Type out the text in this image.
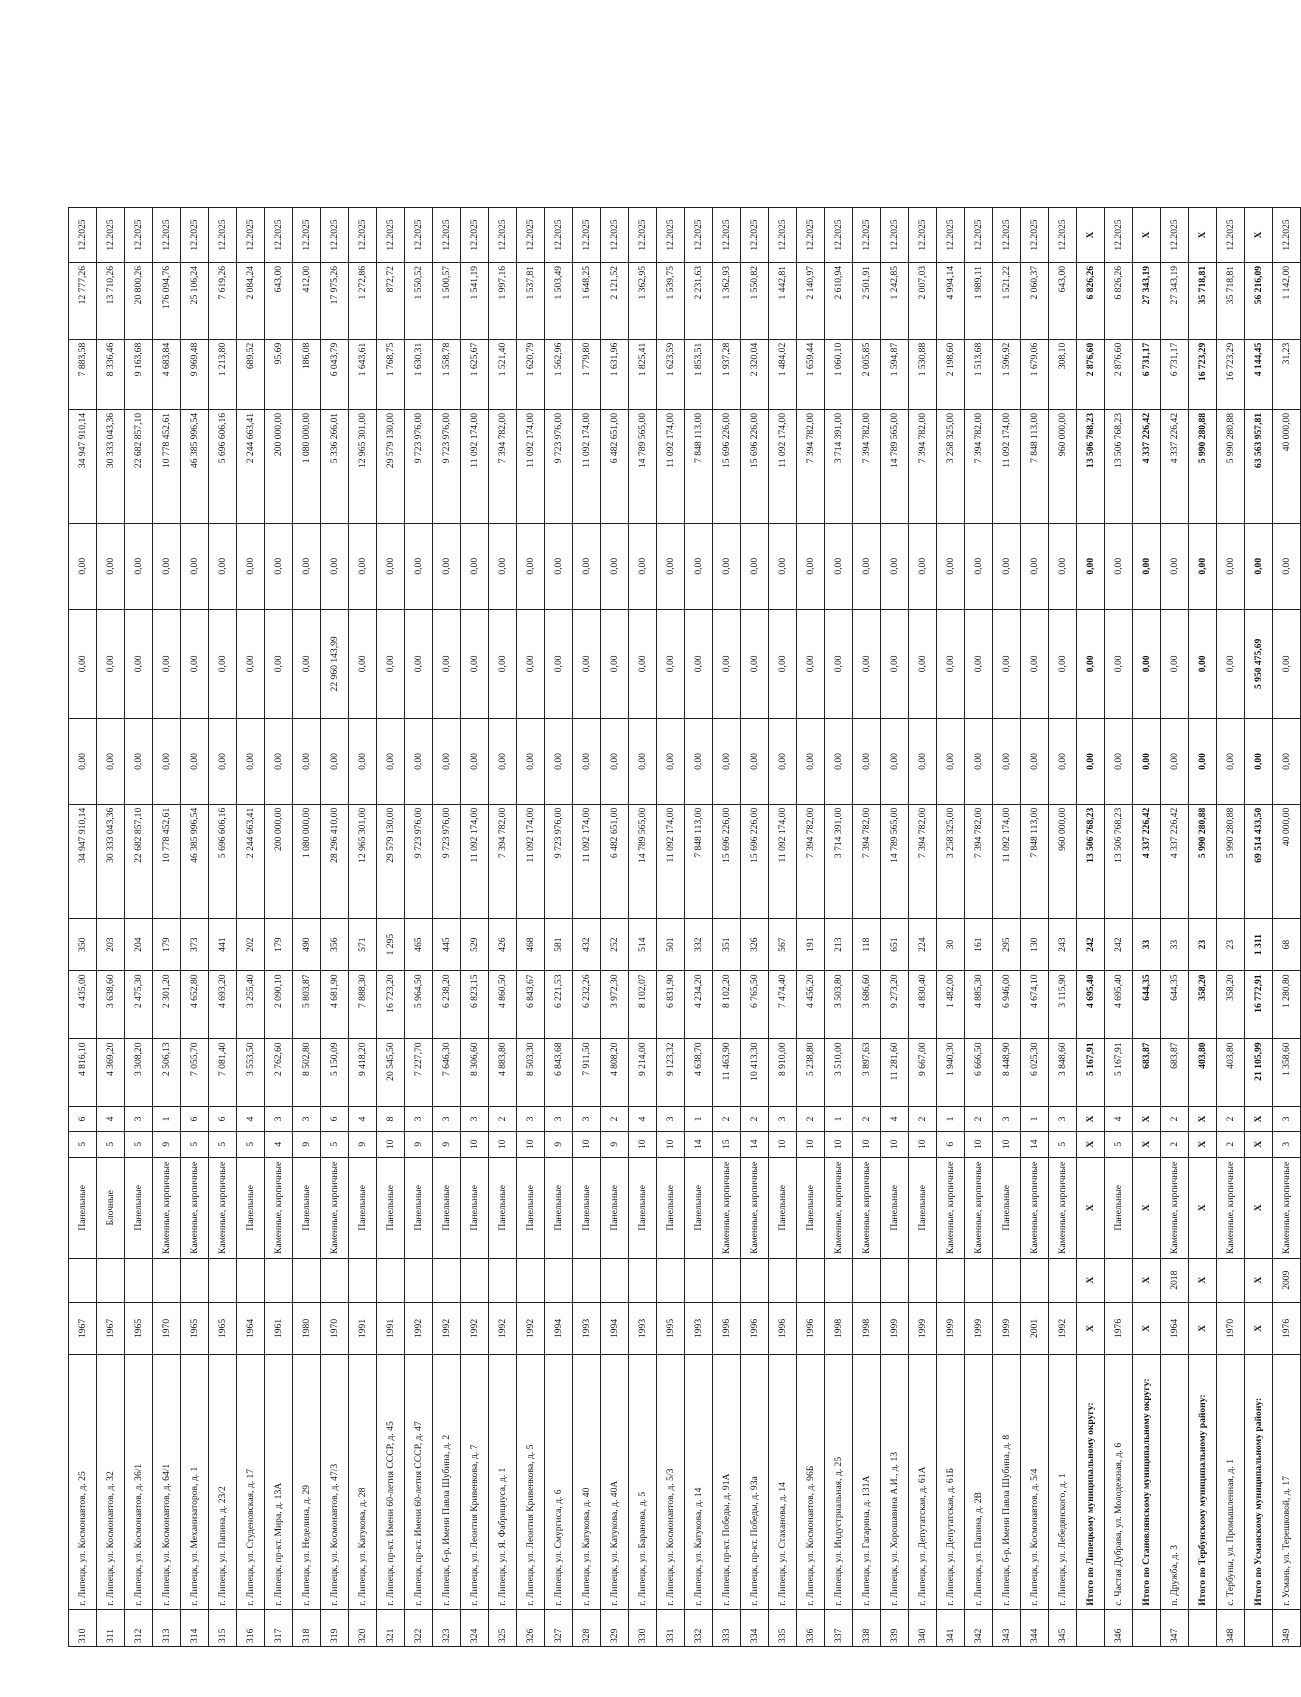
310	г. Липецк, ул. Космонавтов, д. 25	1967		Панельные	5	6	4 816,10	4 435,00	350	34 947 910,14	0,00	0,00	0,00	34 947 910,14	7 883,58	12 777,26	12.2025
311	г. Липецк, ул. Космонавтов, д. 32	1967		Блочные	5	4	4 369,20	3 638,60	203	30 333 043,36	0,00	0,00	0,00	30 333 043,36	8 336,46	13 710,26	12.2025
312	г. Липецк, ул. Космонавтов, д. 36/1	1965		Панельные	5	3	3 308,20	2 475,30	204	22 682 857,10	0,00	0,00	0,00	22 682 857,10	9 163,68	20 800,26	12.2025
313	г. Липецк, ул. Космонавтов, д. 64/1	1970		Каменные, кирпичные	9	1	2 506,13	2 301,20	179	10 778 452,61	0,00	0,00	0,00	10 778 452,61	4 683,84	176 094,76	12.2025
314	г. Липецк, ул. Механизаторов, д. 1	1965		Каменные, кирпичные	5	6	7 055,70	4 652,80	373	46 385 996,54	0,00	0,00	0,00	46 385 996,54	9 969,48	25 106,24	12.2025
315	г. Липецк, ул. Папина, д. 23/2	1965		Каменные, кирпичные	5	6	7 081,40	4 693,20	441	5 696 606,16	0,00	0,00	0,00	5 696 606,16	1 213,80	7 619,26	12.2025
316	г. Липецк, ул. Студеновская, д. 17	1964		Панельные	5	4	3 553,50	3 255,40	202	2 244 663,41	0,00	0,00	0,00	2 244 663,41	689,52	2 084,24	12.2025
317	г. Липецк, пр-кт. Мира, д. 13А	1961		Каменные, кирпичные	4	3	2 762,60	2 090,10	179	200 000,00	0,00	0,00	0,00	200 000,00	95,69	643,00	12.2025
318	г. Липецк, ул. Неделина, д. 29	1980		Панельные	9	3	8 502,80	5 803,87	490	1 080 000,00	0,00	0,00	0,00	1 080 000,00	186,08	412,00	12.2025
319	г. Липецк, ул. Космонавтов, д. 47/3	1970		Каменные, кирпичные	5	6	5 150,09	4 681,90	356	28 296 410,00	0,00	22 960 143,99	0,00	5 336 266,01	6 043,79	17 975,26	12.2025
320	г. Липецк, ул. Катукова, д. 28	1991		Панельные	9	4	9 418,20	7 888,30	571	12 965 301,00	0,00	0,00	0,00	12 965 301,00	1 643,61	1 272,86	12.2025
321	г. Липецк, пр-кт. Имени 60-летия СССР, д. 45	1991		Панельные	10	8	20 545,50	16 723,20	1 295	29 579 130,00	0,00	0,00	0,00	29 579 130,00	1 768,75	872,72	12.2025
322	г. Липецк, пр-кт. Имени 60-летия СССР, д. 47	1992		Панельные	9	3	7 227,70	5 964,50	465	9 723 976,00	0,00	0,00	0,00	9 723 976,00	1 630,31	1 550,52	12.2025
323	г. Липецк, б-р. Имени Павла Шубина, д. 2	1992		Панельные	9	3	7 646,30	6 238,20	445	9 723 976,00	0,00	0,00	0,00	9 723 976,00	1 558,78	1 500,57	12.2025
324	г. Липецк, ул. Леонтия Кривенкова, д. 7	1992		Панельные	10	3	8 306,60	6 823,15	529	11 092 174,00	0,00	0,00	0,00	11 092 174,00	1 625,67	1 541,19	12.2025
325	г. Липецк, ул. Я. Фабрициуса, д. 1	1992		Панельные	10	2	4 883,80	4 860,50	426	7 394 782,00	0,00	0,00	0,00	7 394 782,00	1 521,40	1 997,16	12.2025
326	г. Липецк, ул. Леонтия Кривенкова, д. 5	1992		Панельные	10	3	8 503,30	6 843,67	468	11 092 174,00	0,00	0,00	0,00	11 092 174,00	1 620,79	1 537,81	12.2025
327	г. Липецк, ул. Смургиса, д. 6	1994		Панельные	9	3	6 843,68	6 221,53	581	9 723 976,00	0,00	0,00	0,00	9 723 976,00	1 562,96	1 503,49	12.2025
328	г. Липецк, ул. Катукова, д. 40	1993		Панельные	10	3	7 911,50	6 232,26	432	11 092 174,00	0,00	0,00	0,00	11 092 174,00	1 779,80	1 648,25	12.2025
329	г. Липецк, ул. Катукова, д. 40А	1994		Панельные	9	2	4 808,20	3 972,30	252	6 482 651,00	0,00	0,00	0,00	6 482 651,00	1 631,96	2 121,52	12.2025
330	г. Липецк, ул. Баранова, д. 5	1993		Панельные	10	4	9 214,00	8 102,07	514	14 789 565,00	0,00	0,00	0,00	14 789 565,00	1 825,41	1 362,95	12.2025
331	г. Липецк, ул. Космонавтов, д. 5/3	1995		Панельные	10	3	9 123,32	6 831,90	501	11 092 174,00	0,00	0,00	0,00	11 092 174,00	1 623,59	1 539,75	12.2025
332	г. Липецк, ул. Катукова, д. 14	1993		Панельные	14	1	4 638,70	4 234,20	332	7 848 113,00	0,00	0,00	0,00	7 848 113,00	1 853,51	2 231,63	12.2025
333	г. Липецк, пр-кт. Победы, д. 91А	1996		Каменные, кирпичные	15	2	11 463,90	8 102,20	351	15 696 226,00	0,00	0,00	0,00	15 696 226,00	1 937,28	1 362,93	12.2025
334	г. Липецк, пр-кт. Победы, д. 93а	1996		Каменные, кирпичные	14	2	10 413,30	6 765,50	326	15 696 226,00	0,00	0,00	0,00	15 696 226,00	2 320,04	1 550,82	12.2025
335	г. Липецк, ул. Стаханова, д. 14	1996		Панельные	10	3	8 910,00	7 474,40	567	11 092 174,00	0,00	0,00	0,00	11 092 174,00	1 484,02	1 442,81	12.2025
336	г. Липецк, ул. Космонавтов, д. 96Б	1996		Панельные	10	2	5 238,80	4 456,20	191	7 394 782,00	0,00	0,00	0,00	7 394 782,00	1 659,44	2 140,97	12.2025
337	г. Липецк, ул. Индустриальная, д. 25	1998		Каменные, кирпичные	10	1	3 510,00	3 503,80	213	3 714 391,00	0,00	0,00	0,00	3 714 391,00	1 060,10	2 610,94	12.2025
338	г. Липецк, ул. Гагарина, д. 131А	1998		Каменные, кирпичные	10	2	3 897,63	3 686,60	118	7 394 782,00	0,00	0,00	0,00	7 394 782,00	2 005,85	2 501,91	12.2025
339	г. Липецк, ул. Хорошавина А.И., д. 13	1999		Панельные	10	4	11 281,60	9 273,20	651	14 789 565,00	0,00	0,00	0,00	14 789 565,00	1 594,87	1 242,85	12.2025
340	г. Липецк, ул. Депутатская, д. 61А	1999		Панельные	10	2	9 667,00	4 830,40	224	7 394 782,00	0,00	0,00	0,00	7 394 782,00	1 530,88	2 007,03	12.2025
341	г. Липецк, ул. Депутатская, д. 61Б	1999		Каменные, кирпичные	6	1	1 940,30	1 482,00	30	3 258 325,00	0,00	0,00	0,00	3 258 325,00	2 198,60	4 994,14	12.2025
342	г. Липецк, ул. Папина, д. 2В	1999		Каменные, кирпичные	10	2	6 666,50	4 885,30	161	7 394 782,00	0,00	0,00	0,00	7 394 782,00	1 513,68	1 989,11	12.2025
343	г. Липецк, б-р. Имени Павла Шубина, д. 8	1999		Панельные	10	3	8 448,90	6 946,00	295	11 092 174,00	0,00	0,00	0,00	11 092 174,00	1 596,92	1 521,22	12.2025
344	г. Липецк, ул. Космонавтов, д. 5/4	2001		Каменные, кирпичные	14	1	6 025,30	4 674,10	130	7 848 113,00	0,00	0,00	0,00	7 848 113,00	1 679,06	2 060,37	12.2025
345	г. Липецк, ул. Лебедянского, д. 1	1992		Каменные, кирпичные	5	3	3 848,60	3 115,90	243	960 000,00	0,00	0,00	0,00	960 000,00	308,10	643,00	12.2025
	Итого по Липецкому муниципальному округу:	X	X	X	X	X	5 167,91	4 695,40	242	13 506 768,23	0,00	0,00	0,00	13 506 768,23	2 876,60	6 826,26	X
346	с. Частая Дубрава, ул. Молодежная, д. 6	1976		Панельные	5	4	5 167,91	4 695,40	242	13 506 768,23	0,00	0,00	0,00	13 506 768,23	2 876,60	6 826,26	12.2025
	Итого по Становлянскому муниципальному округу:	X	X	X	X	X	683,87	644,35	33	4 337 226,42	0,00	0,00	0,00	4 337 226,42	6 731,17	27 343,19	X
347	п. Дружба, д. 3	1964	2018	Каменные, кирпичные	2	2	683,87	644,35	33	4 337 226,42	0,00	0,00	0,00	4 337 226,42	6 731,17	27 343,19	12.2025
	Итого по Тербунскому муниципальному району:	X	X	X	X	X	403,80	358,20	23	5 990 280,88	0,00	0,00	0,00	5 990 280,88	16 723,29	35 718,81	X
348	с. Тербуны, ул. Промышленная, д. 1	1970		Каменные, кирпичные	2	2	403,80	358,20	23	5 990 280,88	0,00	0,00	0,00	5 990 280,88	16 723,29	35 718,81	12.2025
	Итого по Усманскому муниципальному району:	X	X	X	X	X	21 105,99	16 772,91	1 311	69 514 433,50	0,00	5 950 475,69	0,00	63 563 957,81	4 144,45	56 216,09	X
349	г. Усмань, ул. Терешковой, д. 17	1976	2009	Каменные, кирпичные	3	3	1 358,60	1 280,80	68	40 000,00	0,00	0,00	0,00	40 000,00	31,23	1 142,00	12.2025
